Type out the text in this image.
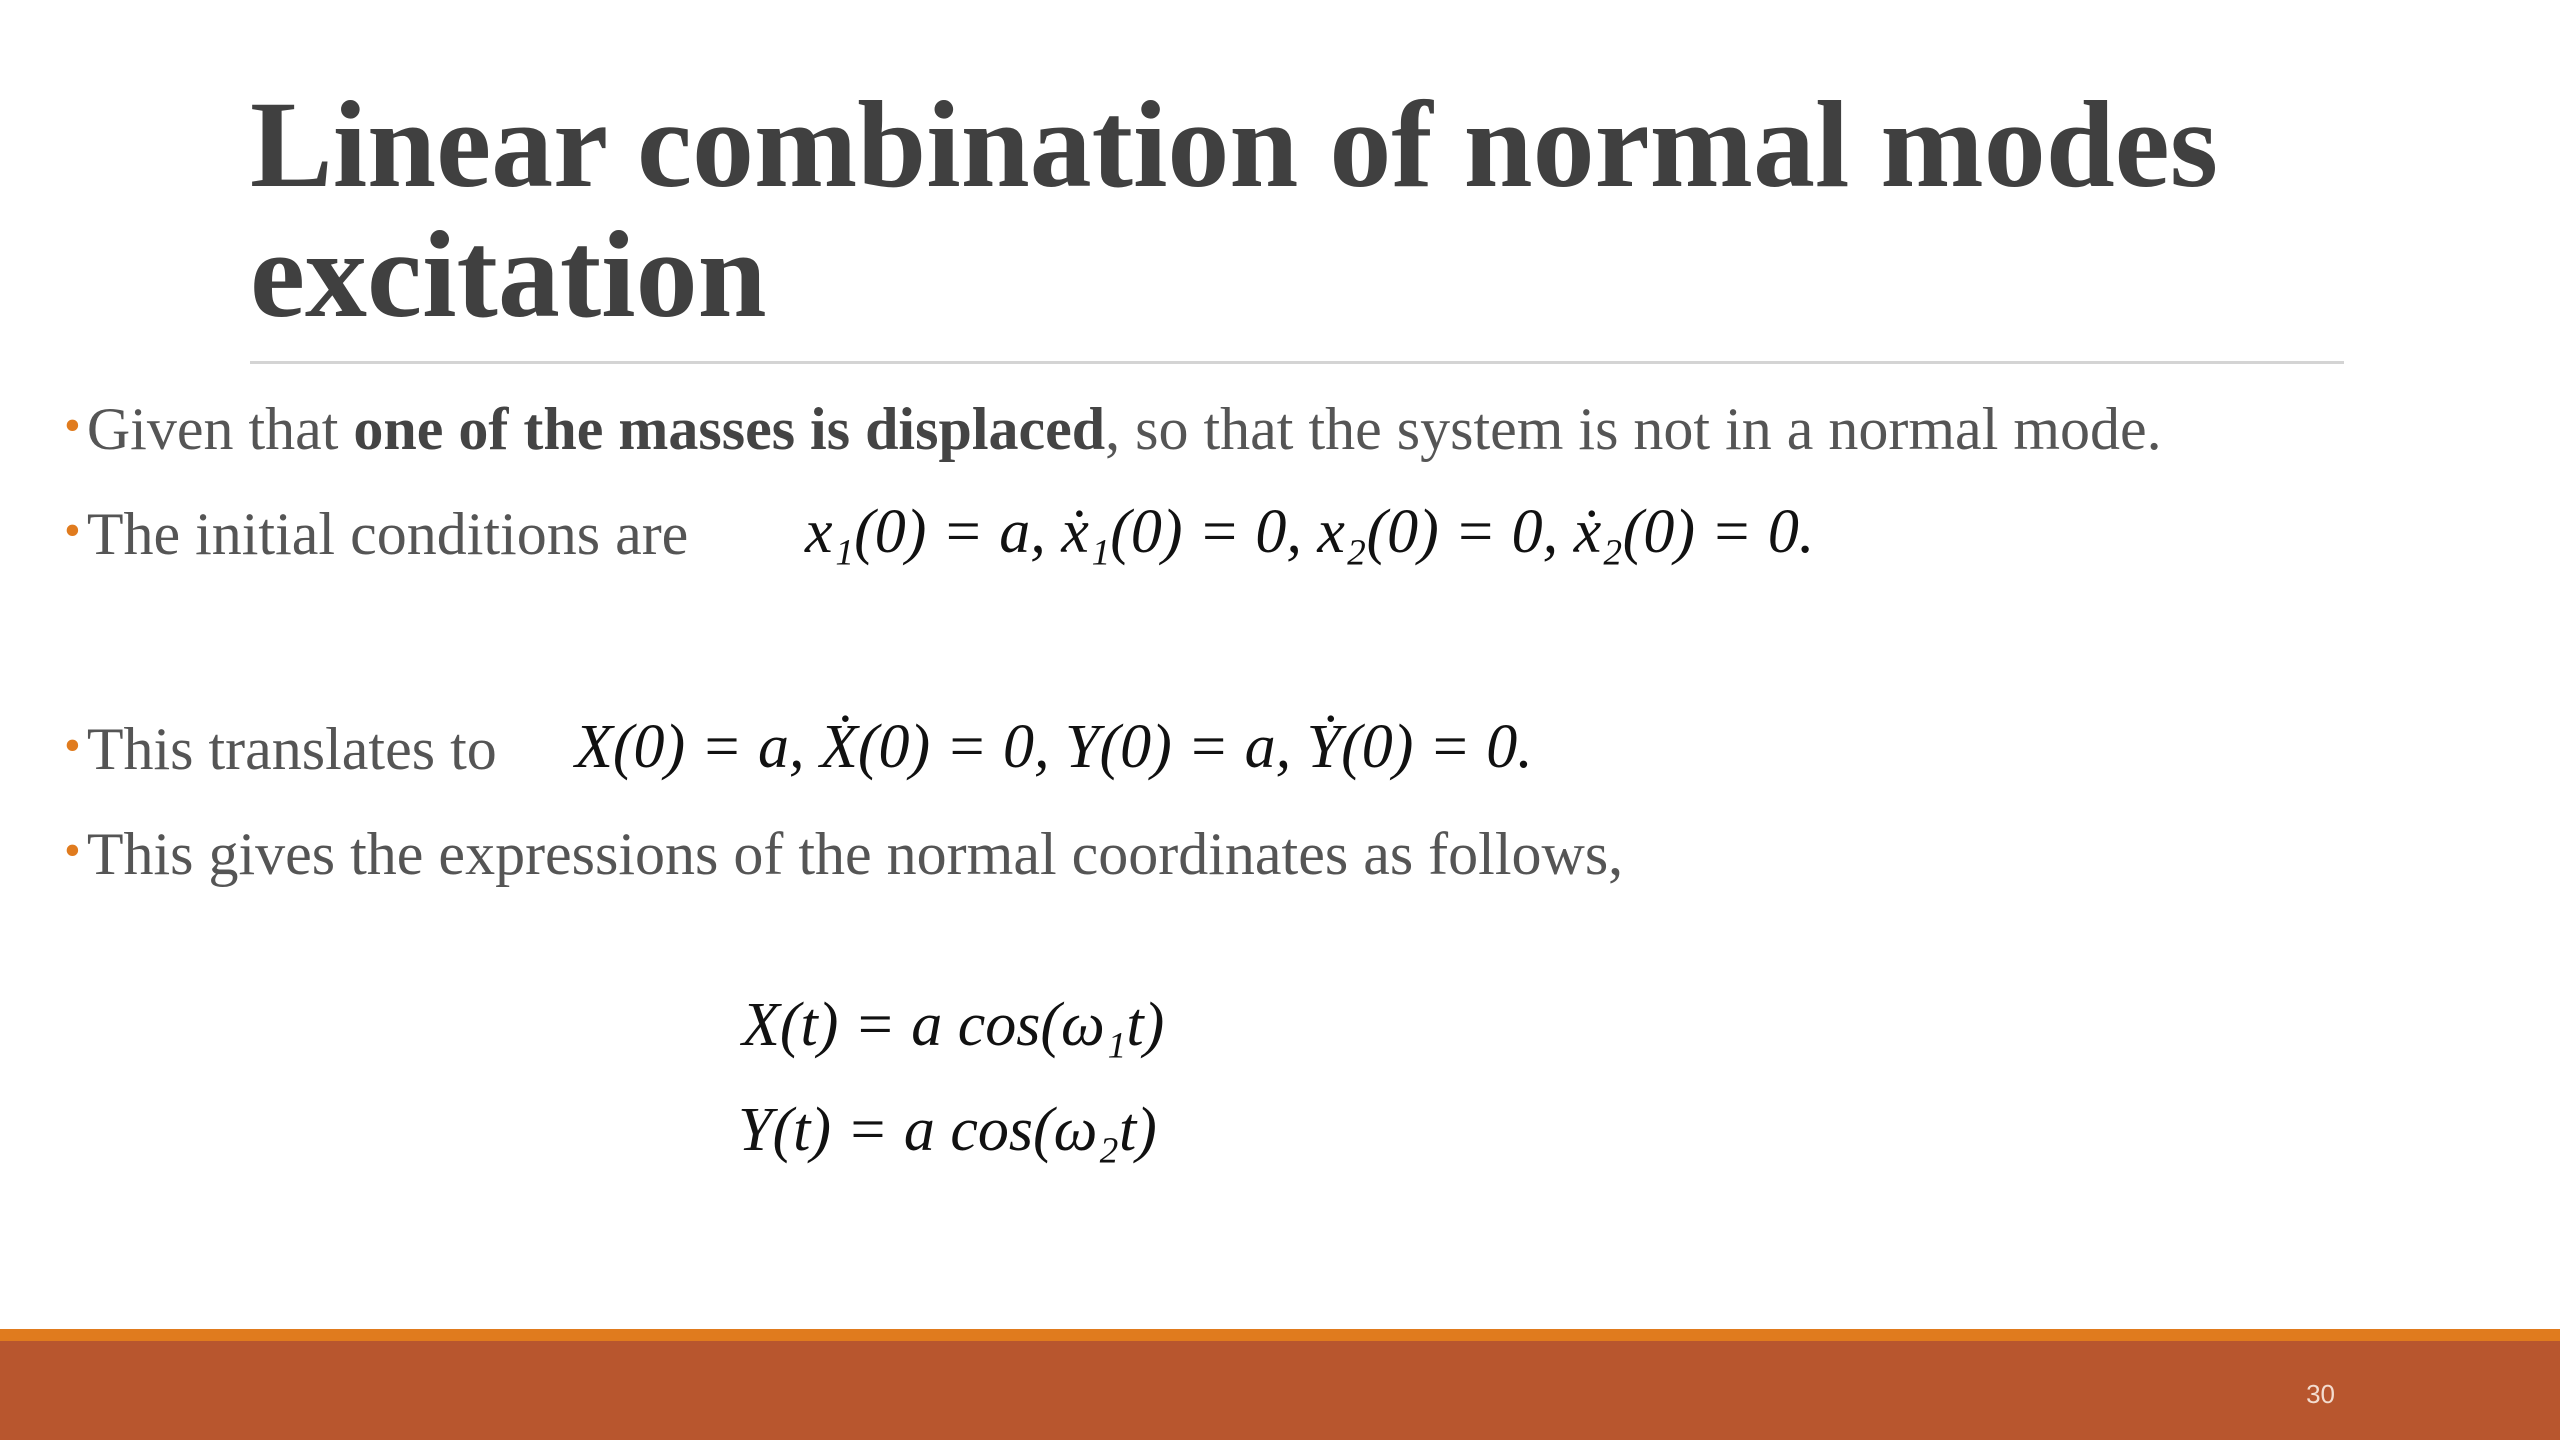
Linear combination of normal modes excitation
• Given that one of the masses is displaced, so that the system is not in a normal mode.
• The initial conditions are x₁(0) = a, ẋ₁(0) = 0, x₂(0) = 0, ẋ₂(0) = 0.
• This translates to X(0) = a, Ẋ(0) = 0, Y(0) = a, Ẏ(0) = 0.
• This gives the expressions of the normal coordinates as follows,
X(t) = a cos(ω₁t)
Y(t) = a cos(ω₂t)
30
